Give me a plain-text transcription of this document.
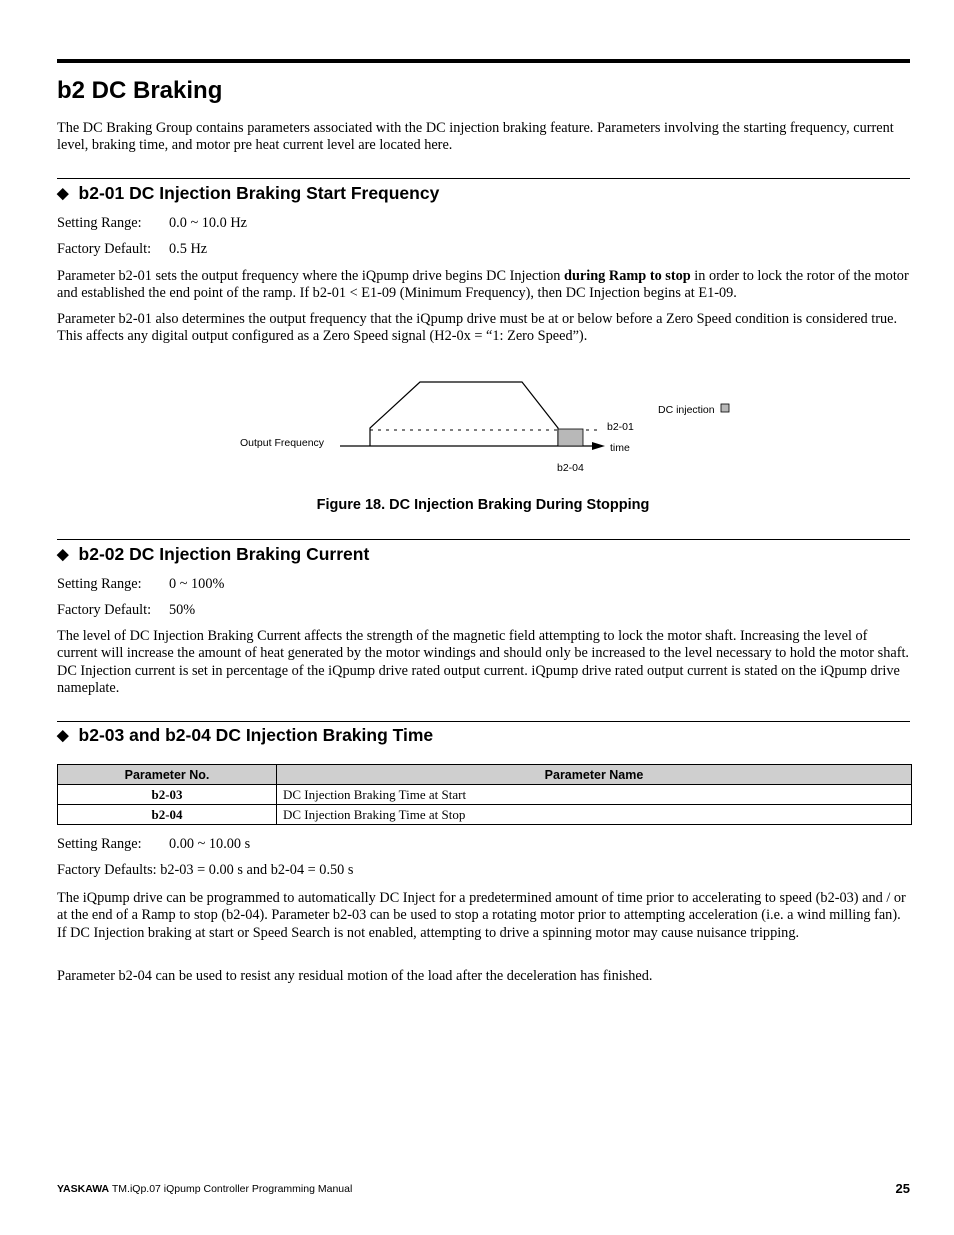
b2 DC Braking

The DC Braking Group contains parameters associated with the DC injection braking feature. Parameters involving the starting frequency, current level, braking time, and motor pre heat current level are located here.

◆ b2-01 DC Injection Braking Start Frequency

Setting Range: 0.0 ~ 10.0 Hz

Factory Default: 0.5 Hz

Parameter b2-01 sets the output frequency where the iQpump drive begins DC Injection during Ramp to stop in order to lock the rotor of the motor and established the end point of the ramp. If b2-01 < E1-09 (Minimum Frequency), then DC Injection begins at E1-09.

Parameter b2-01 also determines the output frequency that the iQpump drive must be at or below before a Zero Speed condition is considered true. This affects any digital output configured as a Zero Speed signal (H2-0x = “1: Zero Speed”).

Output Frequency
b2-01
time
b2-04
DC injection
Figure 18. DC Injection Braking During Stopping
◆ b2-02 DC Injection Braking Current

Setting Range: 0 ~ 100%

Factory Default: 50%

The level of DC Injection Braking Current affects the strength of the magnetic field attempting to lock the motor shaft. Increasing the level of current will increase the amount of heat generated by the motor windings and should only be increased to the level necessary to hold the motor shaft. DC Injection current is set in percentage of the iQpump drive rated output current. iQpump drive rated output current is stated on the iQpump drive nameplate.

◆ b2-03 and b2-04 DC Injection Braking Time
Parameter No.	Parameter Name
b2-03	DC Injection Braking Time at Start
b2-04	DC Injection Braking Time at Stop

Setting Range: 0.00 ~ 10.00 s

Factory Defaults: b2-03 = 0.00 s and b2-04 = 0.50 s

The iQpump drive can be programmed to automatically DC Inject for a predetermined amount of time prior to accelerating to speed (b2-03) and / or at the end of a Ramp to stop (b2-04). Parameter b2-03 can be used to stop a rotating motor prior to attempting acceleration (i.e. a wind milling fan). If DC Injection braking at start or Speed Search is not enabled, attempting to drive a spinning motor may cause nuisance tripping.

Parameter b2-04 can be used to resist any residual motion of the load after the deceleration has finished.

YASKAWA TM.iQp.07 iQpump Controller Programming Manual	25
